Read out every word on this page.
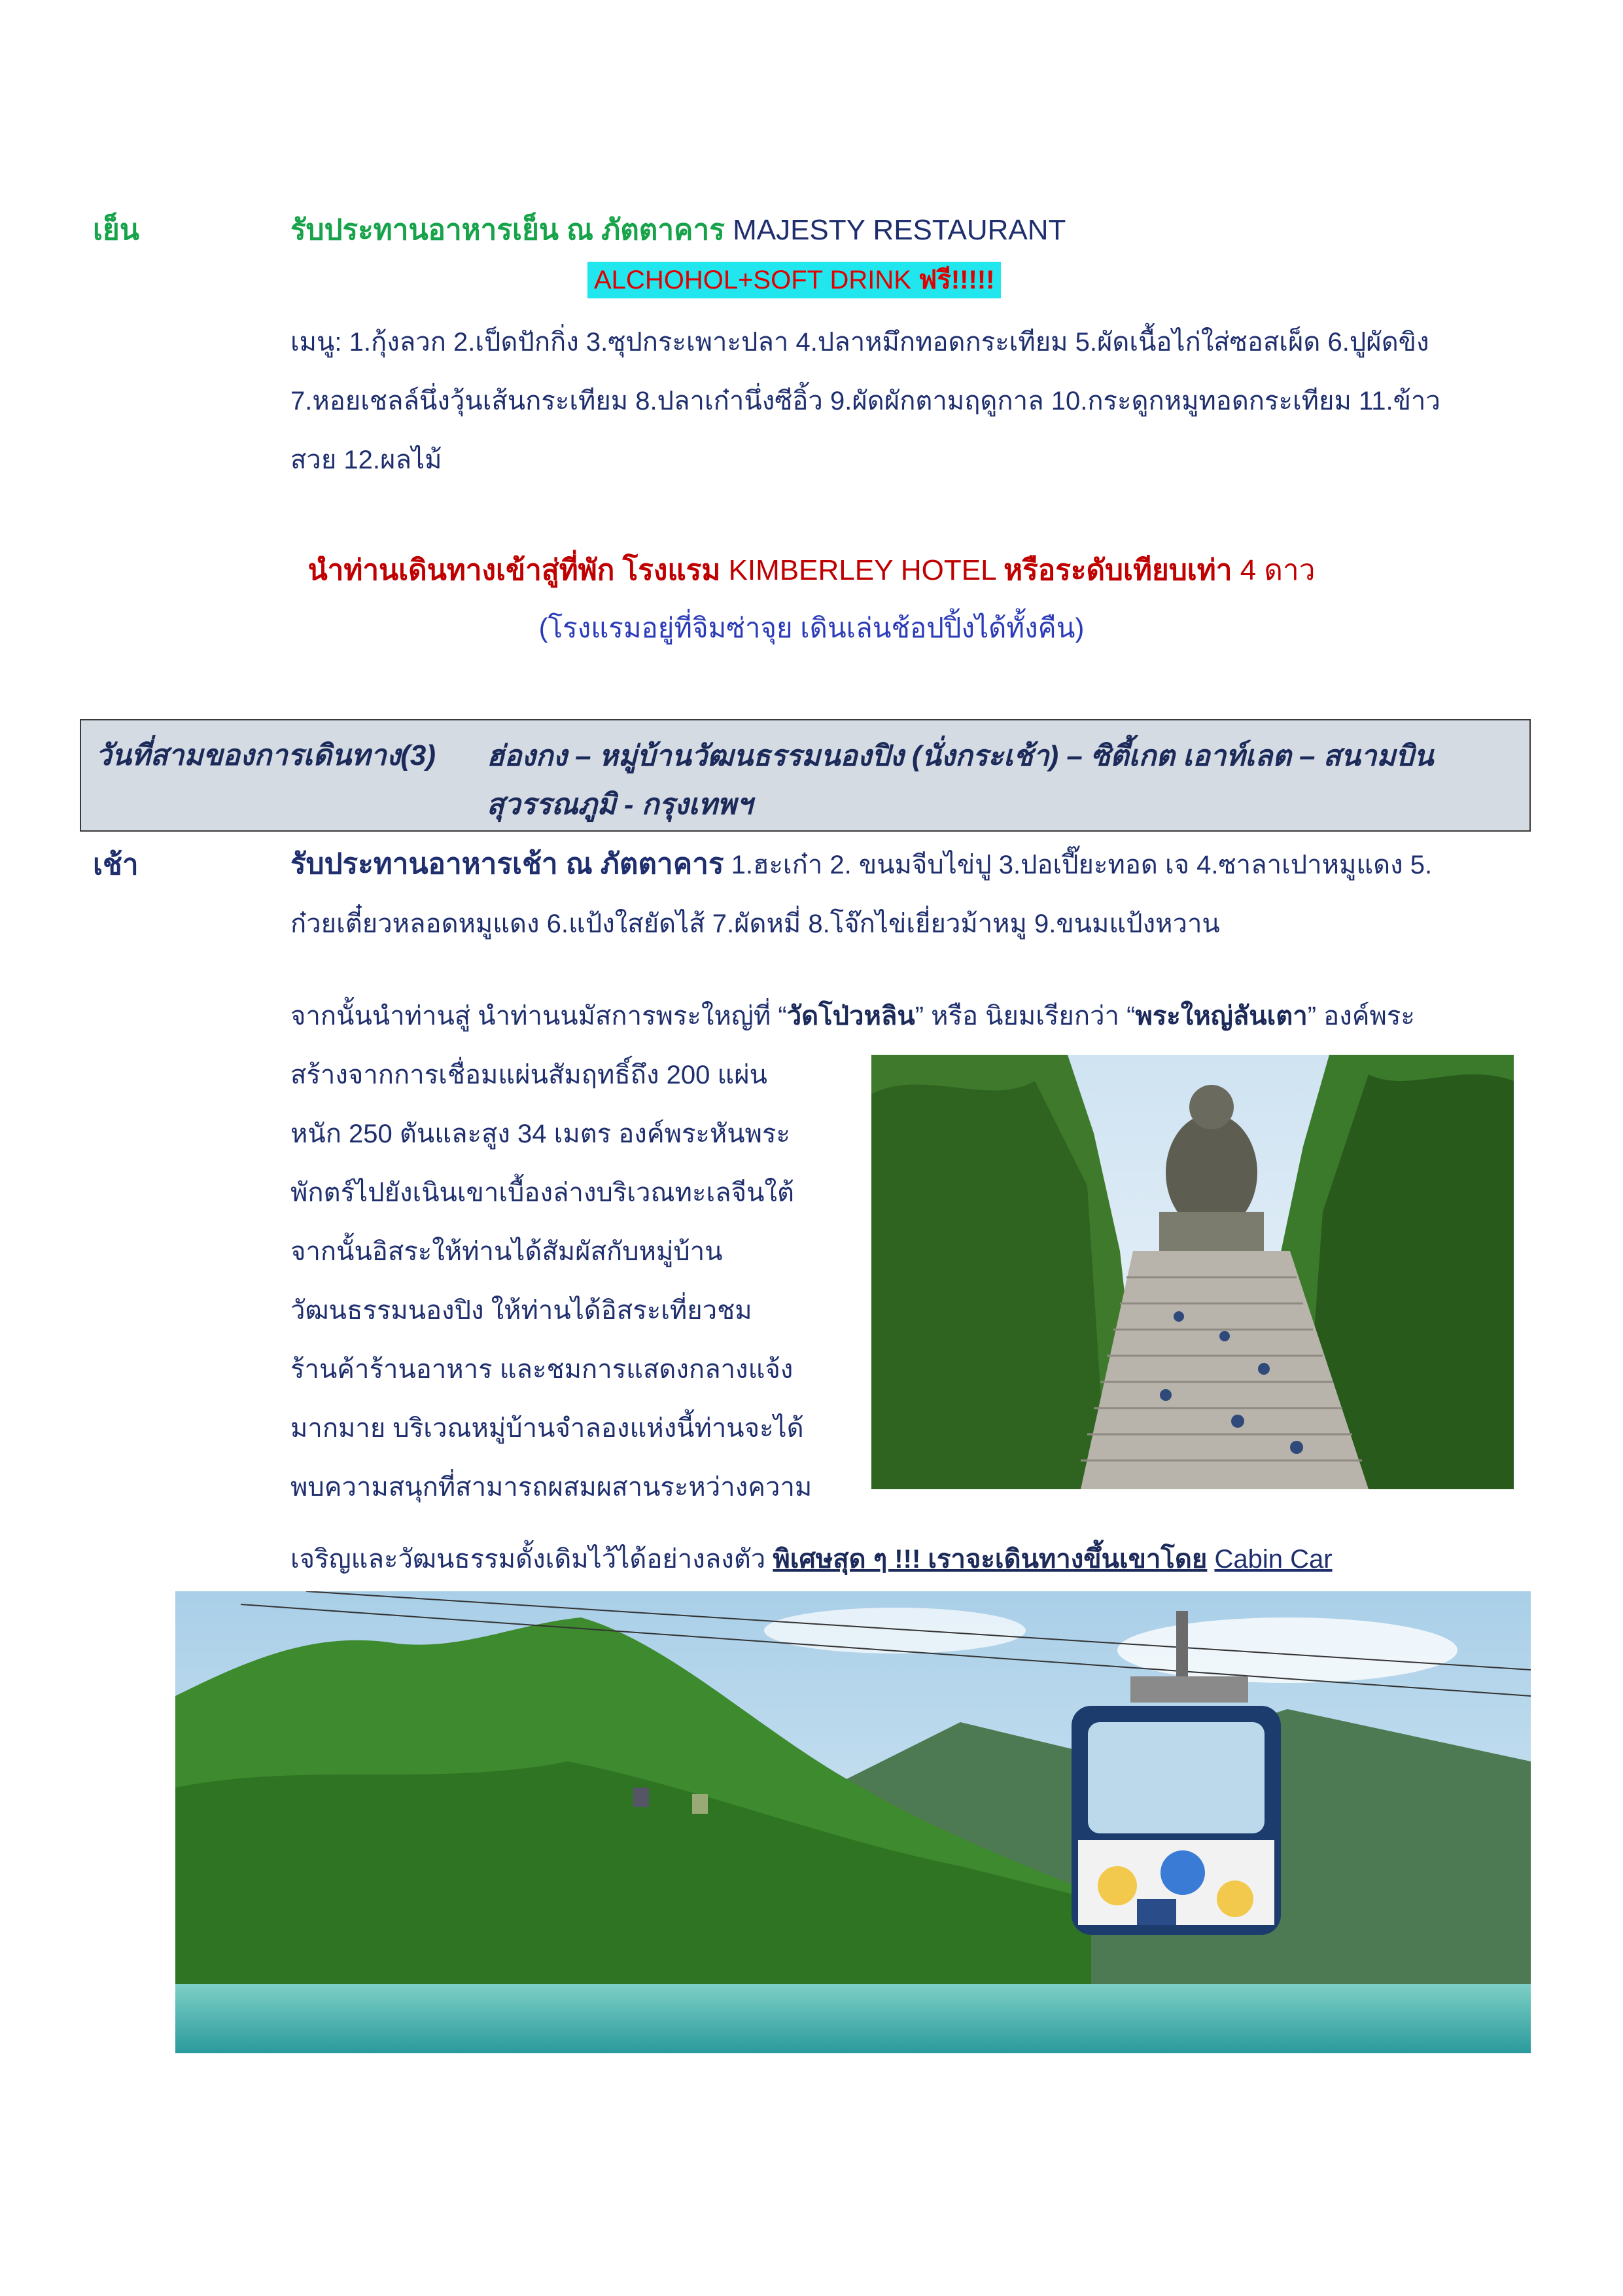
เย็น	รับประทานอาหารเย็น ณ ภัตตาคาร MAJESTY RESTAURANT
ALCHOHOL+SOFT DRINK ฟรี!!!!!
เมนู: 1.กุ้งลวก 2.เป็ดปักกิ่ง 3.ซุปกระเพาะปลา 4.ปลาหมึกทอดกระเทียม 5.ผัดเนื้อไก่ใส่ซอสเผ็ด 6.ปูผัดขิง
7.หอยเชลล์นึ่งวุ้นเส้นกระเทียม 8.ปลาเก๋านึ่งซีอิ้ว 9.ผัดผักตามฤดูกาล 10.กระดูกหมูทอดกระเทียม 11.ข้าว
สวย 12.ผลไม้
นำท่านเดินทางเข้าสู่ที่พัก โรงแรม KIMBERLEY HOTEL หรือระดับเทียบเท่า 4 ดาว
(โรงแรมอยู่ที่จิมซ่าจุย เดินเล่นช้อปปิ้งได้ทั้งคืน)
วันที่สามของการเดินทาง(3) ฮ่องกง – หมู่บ้านวัฒนธรรมนองปิง (นั่งกระเช้า) – ซิตี้เกต เอาท์เลต – สนามบิน
สุวรรณภูมิ - กรุงเทพฯ
เช้า	รับประทานอาหารเช้า ณ ภัตตาคาร 1.ฮะเก๋า 2. ขนมจีบไข่ปู 3.ปอเปี๊ยะทอด เจ 4.ซาลาเปาหมูแดง 5.
ก๋วยเตี๋ยวหลอดหมูแดง 6.แป้งใสยัดไส้ 7.ผัดหมี่ 8.โจ๊กไข่เยี่ยวม้าหมู 9.ขนมแป้งหวาน
จากนั้นนำท่านสู่ นำท่านนมัสการพระใหญ่ที่ “วัดโป่วหลิน” หรือ นิยมเรียกว่า “พระใหญ่ลันเตา” องค์พระ
สร้างจากการเชื่อมแผ่นสัมฤทธิ์ถึง 200 แผ่น
หนัก 250 ตันและสูง 34 เมตร องค์พระหันพระ
พักตร์ไปยังเนินเขาเบื้องล่างบริเวณทะเลจีนใต้
จากนั้นอิสระให้ท่านได้สัมผัสกับหมู่บ้าน
วัฒนธรรมนองปิง ให้ท่านได้อิสระเที่ยวชม
ร้านค้าร้านอาหาร และชมการแสดงกลางแจ้ง
มากมาย บริเวณหมู่บ้านจำลองแห่งนี้ท่านจะได้
พบความสนุกที่สามารถผสมผสานระหว่างความ
เจริญและวัฒนธรรมดั้งเดิมไว้ได้อย่างลงตัว พิเศษสุด ๆ !!! เราจะเดินทางขึ้นเขาโดย Cabin Car
